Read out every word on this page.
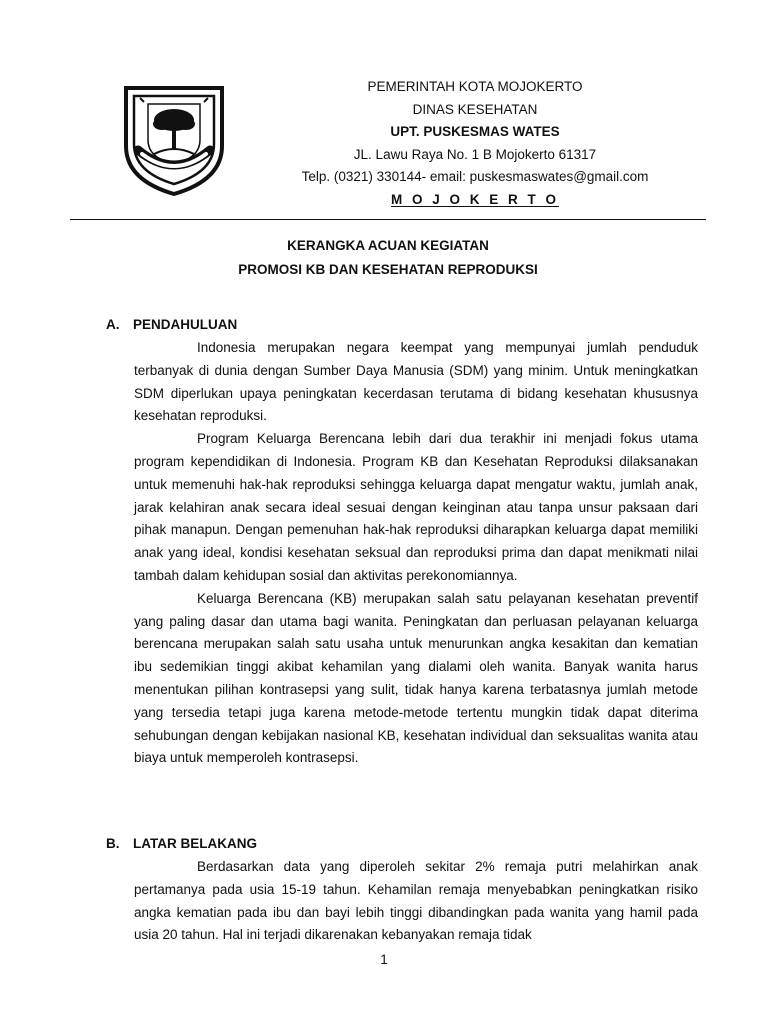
PEMERINTAH KOTA MOJOKERTO
DINAS KESEHATAN
UPT. PUSKESMAS WATES
JL. Lawu Raya No. 1 B Mojokerto 61317
Telp. (0321) 330144- email: puskesmaswates@gmail.com
M O J O K E R T O
KERANGKA ACUAN KEGIATAN
PROMOSI KB DAN KESEHATAN REPRODUKSI
A. PENDAHULUAN

Indonesia merupakan negara keempat yang mempunyai jumlah penduduk terbanyak di dunia dengan Sumber Daya Manusia (SDM) yang minim. Untuk meningkatkan SDM diperlukan upaya peningkatan kecerdasan terutama di bidang kesehatan khususnya kesehatan reproduksi.

Program Keluarga Berencana lebih dari dua terakhir ini menjadi fokus utama program kependidikan di Indonesia. Program KB dan Kesehatan Reproduksi dilaksanakan untuk memenuhi hak-hak reproduksi sehingga keluarga dapat mengatur waktu, jumlah anak, jarak kelahiran anak secara ideal sesuai dengan keinginan atau tanpa unsur paksaan dari pihak manapun. Dengan pemenuhan hak-hak reproduksi diharapkan keluarga dapat memiliki anak yang ideal, kondisi kesehatan seksual dan reproduksi prima dan dapat menikmati nilai tambah dalam kehidupan sosial dan aktivitas perekonomiannya.

Keluarga Berencana (KB) merupakan salah satu pelayanan kesehatan preventif yang paling dasar dan utama bagi wanita. Peningkatan dan perluasan pelayanan keluarga berencana merupakan salah satu usaha untuk menurunkan angka kesakitan dan kematian ibu sedemikian tinggi akibat kehamilan yang dialami oleh wanita. Banyak wanita harus menentukan pilihan kontrasepsi yang sulit, tidak hanya karena terbatasnya jumlah metode yang tersedia tetapi juga karena metode-metode tertentu mungkin tidak dapat diterima sehubungan dengan kebijakan nasional KB, kesehatan individual dan seksualitas wanita atau biaya untuk memperoleh kontrasepsi.

B. LATAR BELAKANG

Berdasarkan data yang diperoleh sekitar 2% remaja putri melahirkan anak pertamanya pada usia 15-19 tahun. Kehamilan remaja menyebabkan peningkatkan risiko angka kematian pada ibu dan bayi lebih tinggi dibandingkan pada wanita yang hamil pada usia 20 tahun. Hal ini terjadi dikarenakan kebanyakan remaja tidak

1
